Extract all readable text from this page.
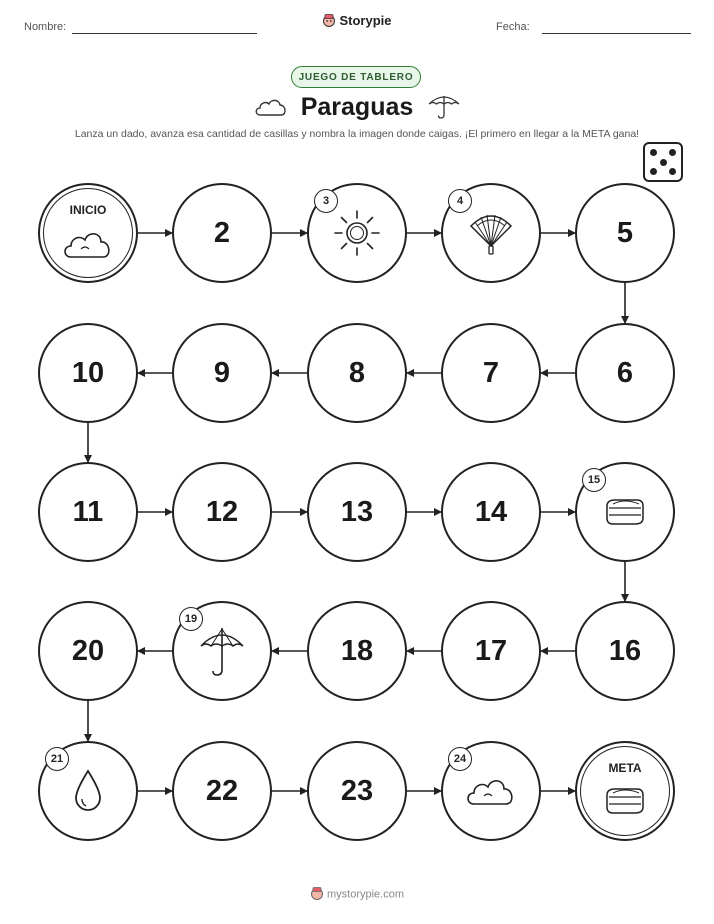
Nombre:	Storypie	Fecha:
JUEGO DE TABLERO
Paraguas
Lanza un dado, avanza esa cantidad de casillas y nombra la imagen donde caigas. ¡El primero en llegar a la META gana!
INICIO
2
3	4
5
6
7
8
9
10
11	12	13	14
15
16
17
18
19
20
21
22	23
24
META
mystorypie.com
